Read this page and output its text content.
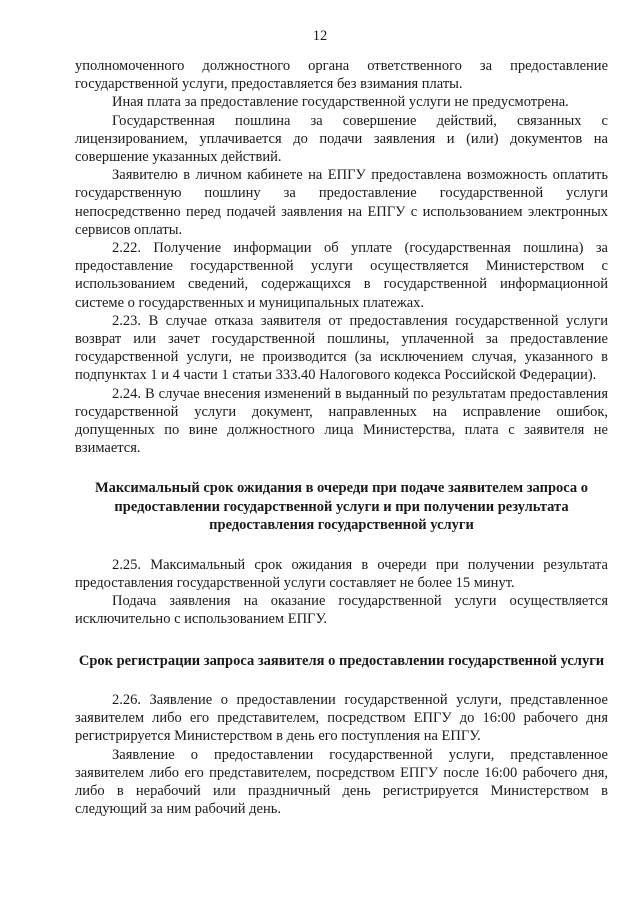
12

уполномоченного должностного органа ответственного за предоставление государственной услуги, предоставляется без взимания платы.

Иная плата за предоставление государственной услуги не предусмотрена.

Государственная пошлина за совершение действий, связанных с лицензированием, уплачивается до подачи заявления и (или) документов на совершение указанных действий.

Заявителю в личном кабинете на ЕПГУ предоставлена возможность оплатить государственную пошлину за предоставление государственной услуги непосредственно перед подачей заявления на ЕПГУ с использованием электронных сервисов оплаты.

2.22. Получение информации об уплате (государственная пошлина) за предоставление государственной услуги осуществляется Министерством с использованием сведений, содержащихся в государственной информационной системе о государственных и муниципальных платежах.

2.23. В случае отказа заявителя от предоставления государственной услуги возврат или зачет государственной пошлины, уплаченной за предоставление государственной услуги, не производится (за исключением случая, указанного в подпунктах 1 и 4 части 1 статьи 333.40 Налогового кодекса Российской Федерации).

2.24. В случае внесения изменений в выданный по результатам предоставления государственной услуги документ, направленных на исправление ошибок, допущенных по вине должностного лица Министерства, плата с заявителя не взимается.

Максимальный срок ожидания в очереди при подаче заявителем запроса о предоставлении государственной услуги и при получении результата предоставления государственной услуги

2.25. Максимальный срок ожидания в очереди при получении результата предоставления государственной услуги составляет не более 15 минут.

Подача заявления на оказание государственной услуги осуществляется исключительно с использованием ЕПГУ.

Срок регистрации запроса заявителя о предоставлении государственной услуги

2.26. Заявление о предоставлении государственной услуги, представленное заявителем либо его представителем, посредством ЕПГУ до 16:00 рабочего дня регистрируется Министерством в день его поступления на ЕПГУ.

Заявление о предоставлении государственной услуги, представленное заявителем либо его представителем, посредством ЕПГУ после 16:00 рабочего дня, либо в нерабочий или праздничный день регистрируется Министерством в следующий за ним рабочий день.
